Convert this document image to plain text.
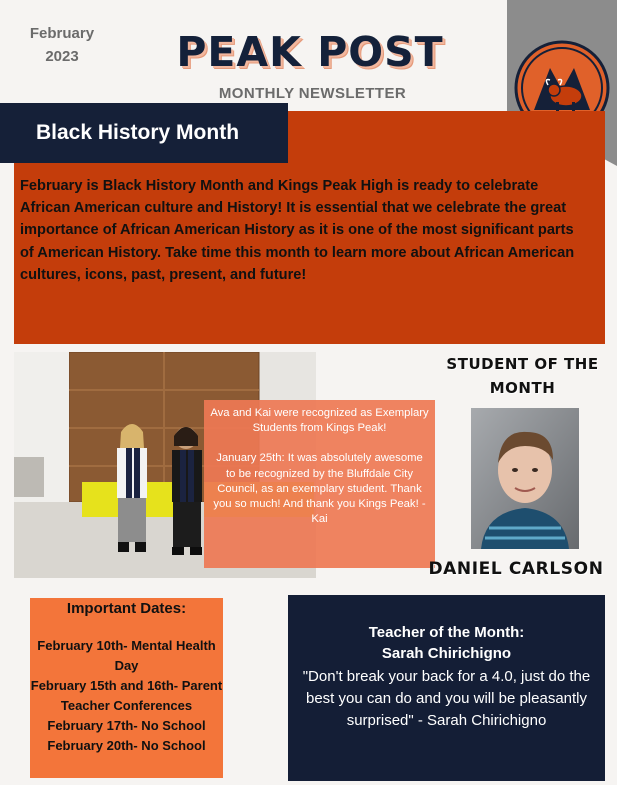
February
2023	PEAK POST
MONTHLY NEWSLETTER
Black History Month
February is Black History Month and Kings Peak High is ready to celebrate African American culture and History! It is essential that we celebrate the great importance of African American History as it is one of the most significant parts of American History. Take time this month to learn more about African American cultures, icons, past, present, and future!

Ava and Kai were recognized as Exemplary Students from Kings Peak!

January 25th: It was absolutely awesome to be recognized by the Bluffdale City Council, as an exemplary student. Thank you so much! And thank you Kings Peak! -Kai

STUDENT OF THE MONTH
DANIEL CARLSON
Important Dates:
February 10th- Mental Health Day
February 15th and 16th- Parent Teacher Conferences
February 17th- No School
February 20th- No School
Teacher of the Month:
Sarah Chirichigno
"Don't break your back for a 4.0, just do the best you can do and you will be pleasantly surprised" - Sarah Chirichigno
